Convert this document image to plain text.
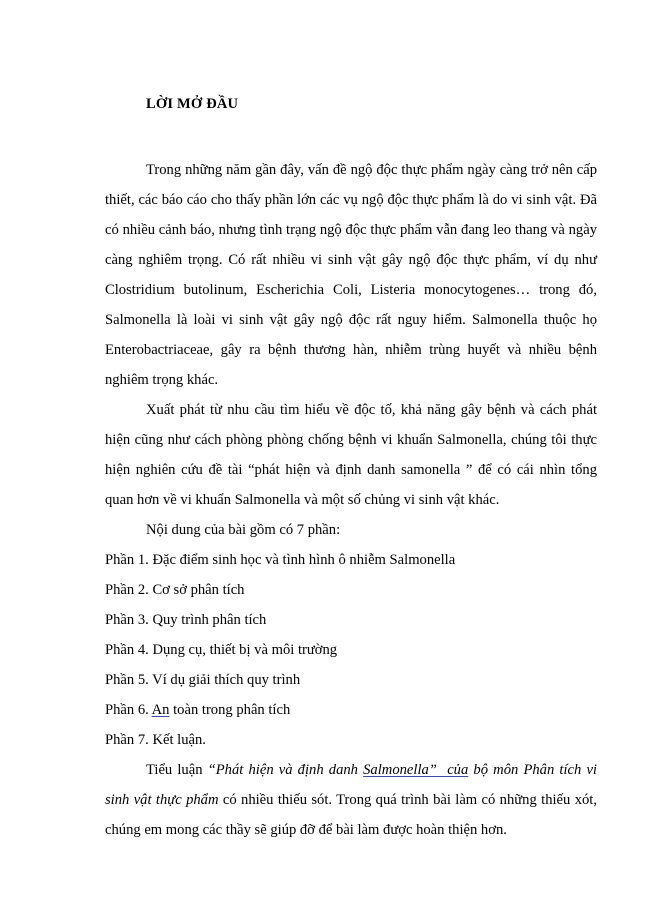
LỜI MỞ ĐẦU

Trong những năm gần đây, vấn đề ngộ độc thực phẩm ngày càng trở nên cấp thiết, các báo cáo cho thấy phần lớn các vụ ngộ độc thực phẩm là do vi sinh vật. Đã có nhiều cảnh báo, nhưng tình trạng ngộ độc thực phẩm vẫn đang leo thang và ngày càng nghiêm trọng. Có rất nhiều vi sinh vật gây ngộ độc thực phẩm, ví dụ như Clostridium butolinum, Escherichia Coli, Listeria monocytogenes… trong đó, Salmonella là loài vi sinh vật gây ngộ độc rất nguy hiểm. Salmonella thuộc họ Enterobactriaceae, gây ra bệnh thương hàn, nhiễm trùng huyết và nhiều bệnh nghiêm trọng khác.

Xuất phát từ nhu cầu tìm hiểu về độc tố, khả năng gây bệnh và cách phát hiện cũng như cách phòng phòng chống bệnh vi khuẩn Salmonella, chúng tôi thực hiện nghiên cứu đề tài “phát hiện và định danh samonella ” để có cái nhìn tổng quan hơn về vi khuẩn Salmonella và một số chủng vi sinh vật khác.

Nội dung của bài gồm có 7 phần:

Phần 1. Đặc điểm sinh học và tình hình ô nhiễm Salmonella
Phần 2. Cơ sở phân tích
Phần 3. Quy trình phân tích
Phần 4. Dụng cụ, thiết bị và môi trường
Phần 5. Ví dụ giải thích quy trình
Phần 6. An toàn trong phân tích
Phần 7. Kết luận.

Tiểu luận “Phát hiện và định danh Salmonella”  của bộ môn Phân tích vi sinh vật thực phẩm có nhiều thiếu sót. Trong quá trình bài làm có những thiếu xót, chúng em mong các thầy sẽ giúp đỡ để bài làm được hoàn thiện hơn.
